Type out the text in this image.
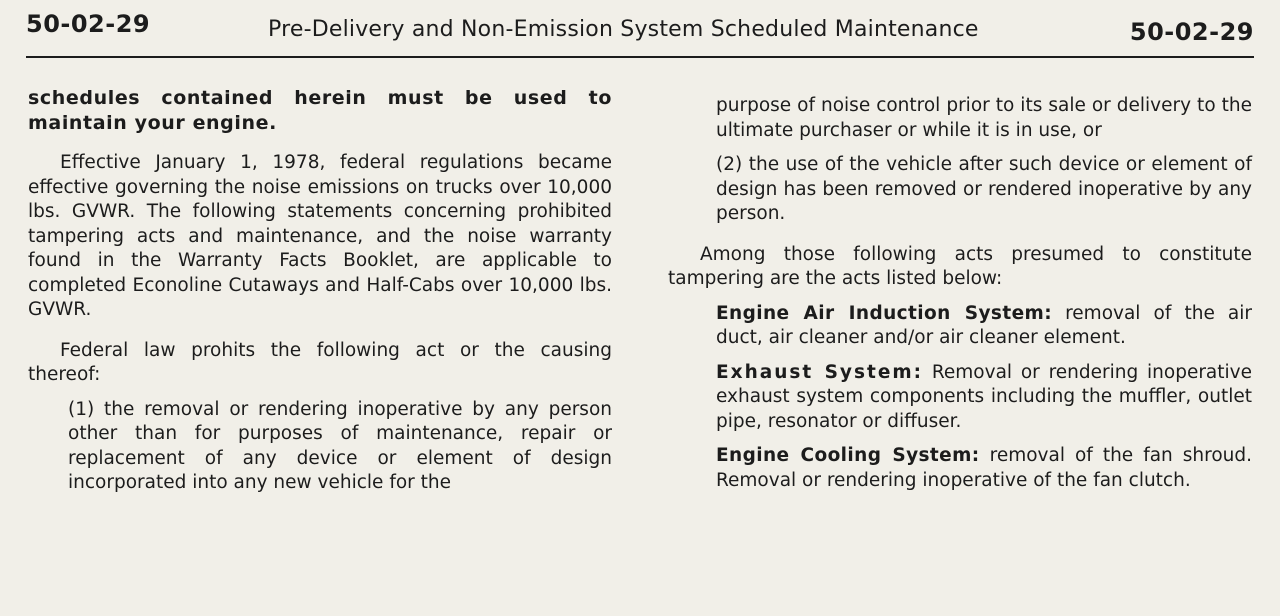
50-02-29	Pre-Delivery and Non-Emission System Scheduled Maintenance	50-02-29

schedules contained herein must be used to maintain your engine.

Effective January 1, 1978, federal regulations became effective governing the noise emissions on trucks over 10,000 lbs. GVWR. The following statements concerning prohibited tampering acts and maintenance, and the noise warranty found in the Warranty Facts Booklet, are applicable to completed Econoline Cutaways and Half-Cabs over 10,000 lbs. GVWR.

Federal law prohits the following act or the causing thereof:

(1) the removal or rendering inoperative by any person other than for purposes of maintenance, repair or replacement of any device or element of design incorporated into any new vehicle for the

purpose of noise control prior to its sale or delivery to the ultimate purchaser or while it is in use, or

(2) the use of the vehicle after such device or element of design has been removed or rendered inoperative by any person.

Among those following acts presumed to constitute tampering are the acts listed below:

Engine Air Induction System: removal of the air duct, air cleaner and/or air cleaner element.

Exhaust System: Removal or rendering inoperative exhaust system components including the muffler, outlet pipe, resonator or diffuser.

Engine Cooling System: removal of the fan shroud. Removal or rendering inoperative of the fan clutch.
